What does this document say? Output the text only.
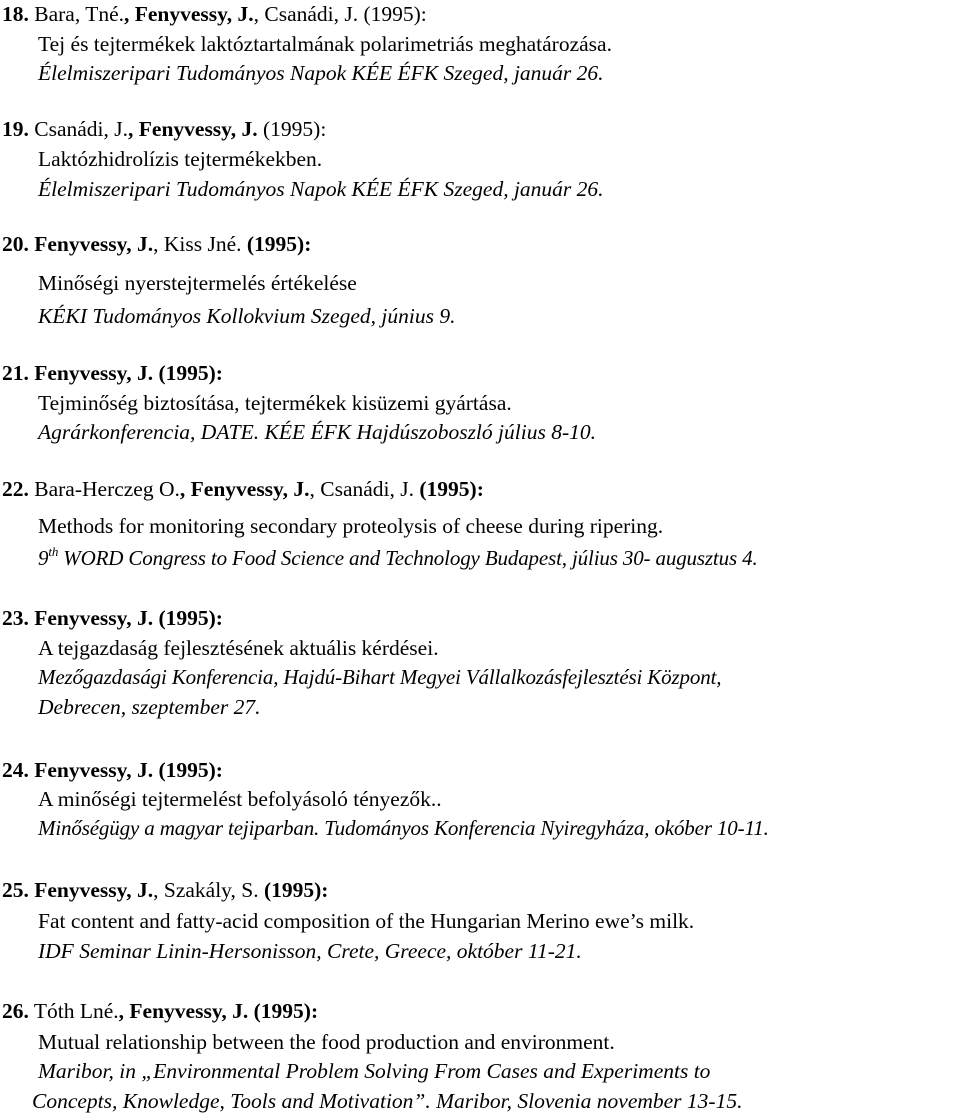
18. Bara, Tné., Fenyvessy, J., Csanádi, J. (1995):
Tej és tejtermékek laktóztartalmának polarimetriás meghatározása.
Élelmiszeripari Tudományos Napok KÉE ÉFK Szeged, január 26.
19. Csanádi, J., Fenyvessy, J. (1995):
Laktózhidrolízis tejtermékekben.
Élelmiszeripari Tudományos Napok KÉE ÉFK Szeged, január 26.
20. Fenyvessy, J., Kiss Jné. (1995):
Minőségi nyerstejtermelés értékelése
KÉKI Tudományos Kollokvium Szeged, június 9.
21. Fenyvessy, J. (1995):
Tejminőség biztosítása, tejtermékek kisüzemi gyártása.
Agrárkonferencia, DATE. KÉE ÉFK Hajdúszoboszló július 8-10.
22. Bara-Herczeg O., Fenyvessy, J., Csanádi, J. (1995):
Methods for monitoring secondary proteolysis of cheese during ripering.
9th WORD Congress to Food Science and Technology Budapest, július 30- augusztus 4.
23. Fenyvessy, J. (1995):
A tejgazdaság fejlesztésének aktuális kérdései.
Mezőgazdasági Konferencia, Hajdú-Bihart Megyei Vállalkozásfejlesztési Központ,
Debrecen, szeptember 27.
24. Fenyvessy, J. (1995):
A minőségi tejtermelést befolyásoló tényezők..
Minőségügy a magyar tejiparban. Tudományos Konferencia Nyiregyháza, okóber 10-11.
25. Fenyvessy, J., Szakály, S. (1995):
Fat content and fatty-acid composition of the Hungarian Merino ewe’s milk.
IDF Seminar Linin-Hersonisson, Crete, Greece, október 11-21.
26. Tóth Lné., Fenyvessy, J. (1995):
Mutual relationship between the food production and environment.
Maribor, in „Environmental Problem Solving From Cases and Experiments to
Concepts, Knowledge, Tools and Motivation”. Maribor, Slovenia november 13-15.
